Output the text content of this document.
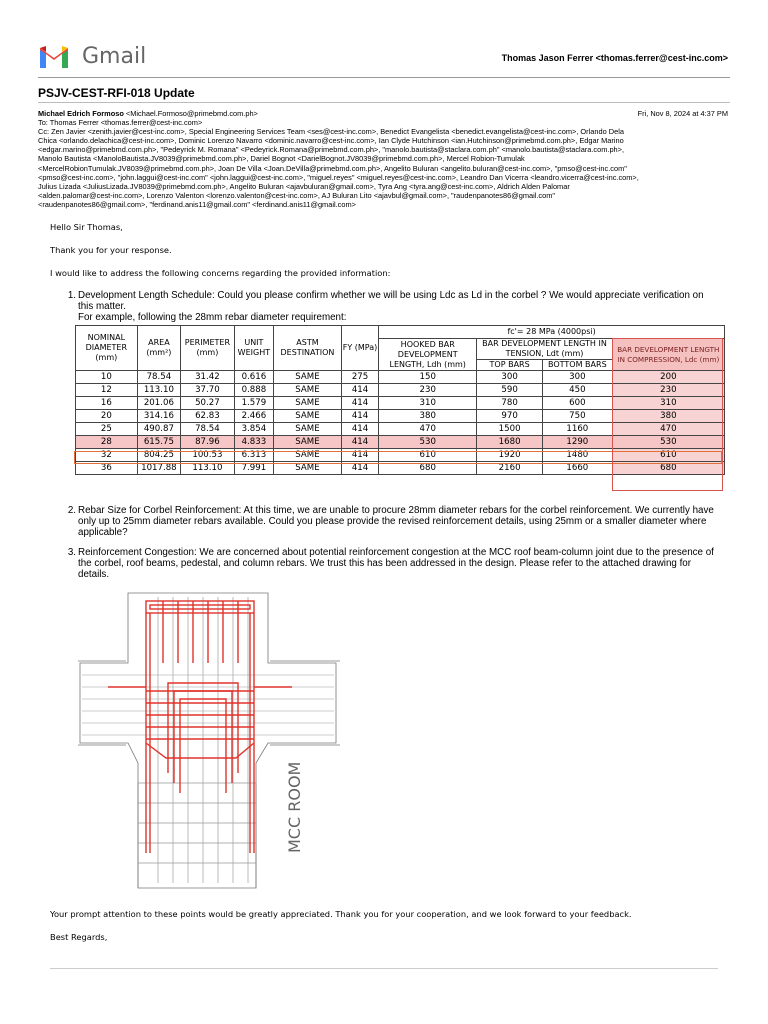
Gmail	Thomas Jason Ferrer <thomas.ferrer@cest-inc.com>
PSJV-CEST-RFI-018 Update
Fri, Nov 8, 2024 at 4:37 PM
Michael Edrich Formoso <Michael.Formoso@primebmd.com.ph>
To: Thomas Ferrer <thomas.ferrer@cest-inc.com>
Cc: Zen Javier <zenith.javier@cest-inc.com>, Special Engineering Services Team <ses@cest-inc.com>, Benedict Evangelista <benedict.evangelista@cest-inc.com>, Orlando Dela
Chica <orlando.delachica@cest-inc.com>, Dominic Lorenzo Navarro <dominic.navarro@cest-inc.com>, Ian Clyde Hutchinson <ian.Hutchinson@primebmd.com.ph>, Edgar Marino
<edgar.marino@primebmd.com.ph>, "Pedeyrick M. Romana" <Pedeyrick.Romana@primebmd.com.ph>, "manolo.bautista@staclara.com.ph" <manolo.bautista@staclara.com.ph>,
Manolo Bautista <ManoloBautista.JV8039@primebmd.com.ph>, Dariel Bognot <DarielBognot.JV8039@primebmd.com.ph>, Mercel Robion-Tumulak
<MercelRobionTumulak.JV8039@primebmd.com.ph>, Joan De Villa <Joan.DeVilla@primebmd.com.ph>, Angelito Buluran <angelito.buluran@cest-inc.com>, "pmso@cest-inc.com"
<pmso@cest-inc.com>, "john.laggui@cest-inc.com" <john.laggui@cest-inc.com>, "miguel.reyes" <miguel.reyes@cest-inc.com>, Leandro Dan Vicerra <leandro.vicerra@cest-inc.com>,
Julius Lizada <JuliusLizada.JV8039@primebmd.com.ph>, Angelito Buluran <ajavbuluran@gmail.com>, Tyra Ang <tyra.ang@cest-inc.com>, Aldrich Alden Palomar
<alden.palomar@cest-inc.com>, Lorenzo Valenton <lorenzo.valenton@cest-inc.com>, AJ Buluran Lito <ajavbul@gmail.com>, "raudenpanotes86@gmail.com"
<raudenpanotes86@gmail.com>, "ferdinand.anis11@gmail.com" <ferdinand.anis11@gmail.com>
Hello Sir Thomas,
Thank you for your response.
I would like to address the following concerns regarding the provided information:
1. Development Length Schedule: Could you please confirm whether we will be using Ldc as Ld in the corbel ? We would appreciate verification on this matter.
For example, following the 28mm rebar diameter requirement:
NOMINAL DIAMETER (mm)	AREA (mm²)	PERIMETER (mm)	UNIT WEIGHT	ASTM DESTINATION	FY (MPa)	fc'= 28 MPa (4000psi)			
						HOOKED BAR DEVELOPMENT LENGTH, Ldh (mm)	BAR DEVELOPMENT LENGTH IN TENSION, Ldt (mm)		BAR DEVELOPMENT LENGTH IN COMPRESSION, Ldc (mm)
							TOP BARS	BOTTOM BARS	
10	78.54	31.42	0.616	SAME	275	150	300	300	200
12	113.10	37.70	0.888	SAME	414	230	590	450	230
16	201.06	50.27	1.579	SAME	414	310	780	600	310
20	314.16	62.83	2.466	SAME	414	380	970	750	380
25	490.87	78.54	3.854	SAME	414	470	1500	1160	470
28	615.75	87.96	4.833	SAME	414	530	1680	1290	530
32	804.25	100.53	6.313	SAME	414	610	1920	1480	610
36	1017.88	113.10	7.991	SAME	414	680	2160	1660	680
2. Rebar Size for Corbel Reinforcement: At this time, we are unable to procure 28mm diameter rebars for the corbel reinforcement. We currently have only up to 25mm diameter rebars available. Could you please provide the revised reinforcement details, using 25mm or a smaller diameter where applicable?
3. Reinforcement Congestion: We are concerned about potential reinforcement congestion at the MCC roof beam-column joint due to the presence of the corbel, roof beams, pedestal, and column rebars. We trust this has been addressed in the design. Please refer to the attached drawing for details.
MCC ROOM
Your prompt attention to these points would be greatly appreciated. Thank you for your cooperation, and we look forward to your feedback.
Best Regards,
